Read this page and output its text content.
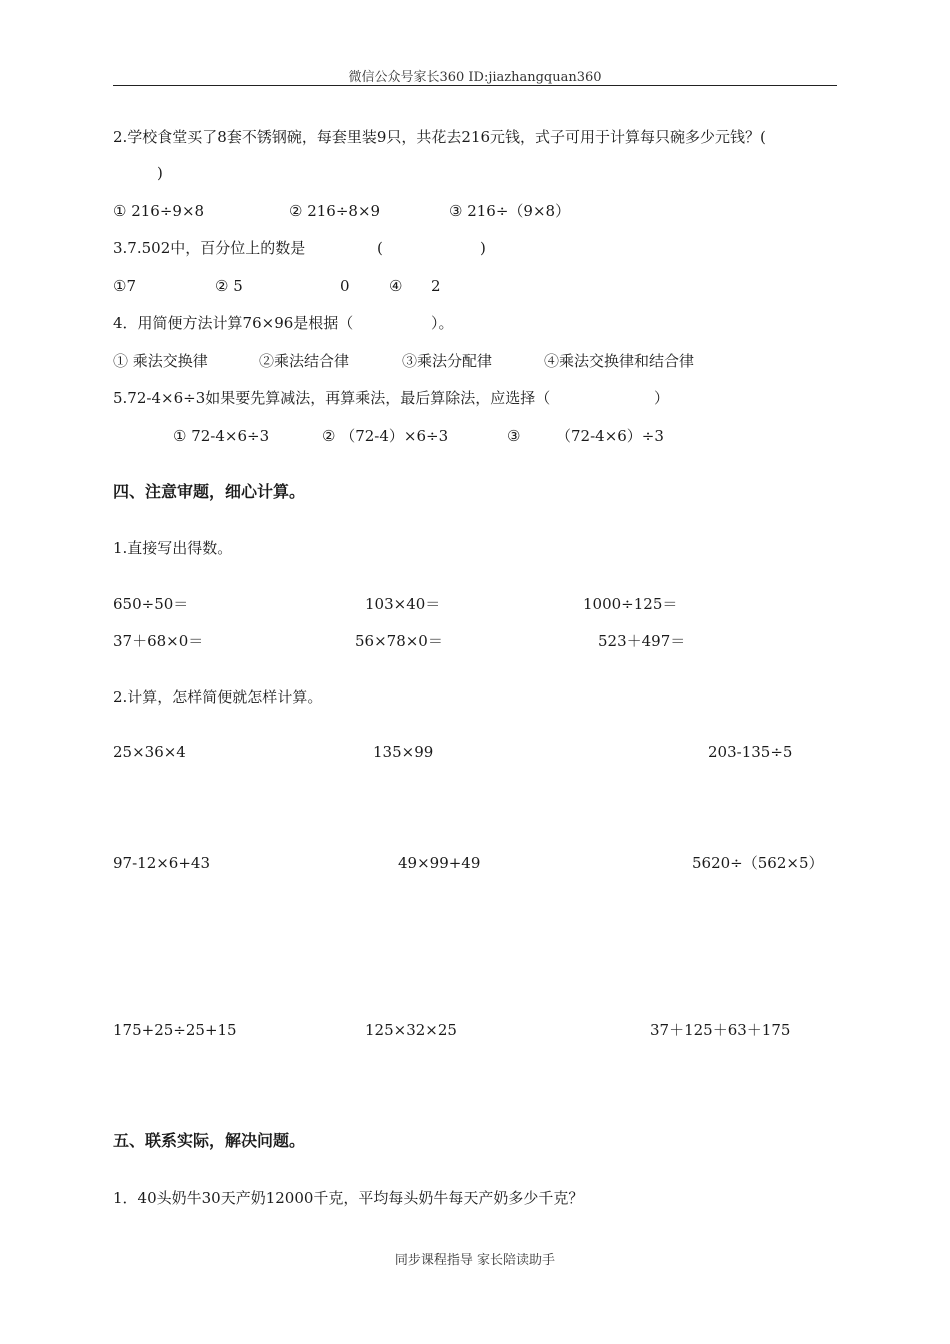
微信公众号家长360 ID:jiazhangquan360
2.学校食堂买了8套不锈钢碗，每套里装9只，共花去216元钱，式子可用于计算每只碗多少元钱？(
)
① 216÷9×8	② 216÷8×9	③ 216÷（9×8）
3.7.502中，百分位上的数是	(	)
①7	② 5	0	④ 2
4．用简便方法计算76×96是根据（	）。
① 乘法交换律	②乘法结合律	③乘法分配律	④乘法交换律和结合律
5.72-4×6÷3如果要先算减法，再算乘法，最后算除法，应选择（	）
① 72-4×6÷3	② （72-4）×6÷3	③ （72-4×6）÷3
四、注意审题，细心计算。
1.直接写出得数。
650÷50＝	103×40＝	1000÷125＝
37＋68×0＝	56×78×0＝	523＋497＝
2.计算，怎样简便就怎样计算。
25×36×4	135×99	203-135÷5
97-12×6+43	49×99+49	5620÷（562×5）
175+25÷25+15	125×32×25	37＋125＋63＋175
五、联系实际，解决问题。
1．40头奶牛30天产奶12000千克，平均每头奶牛每天产奶多少千克？
同步课程指导 家长陪读助手
